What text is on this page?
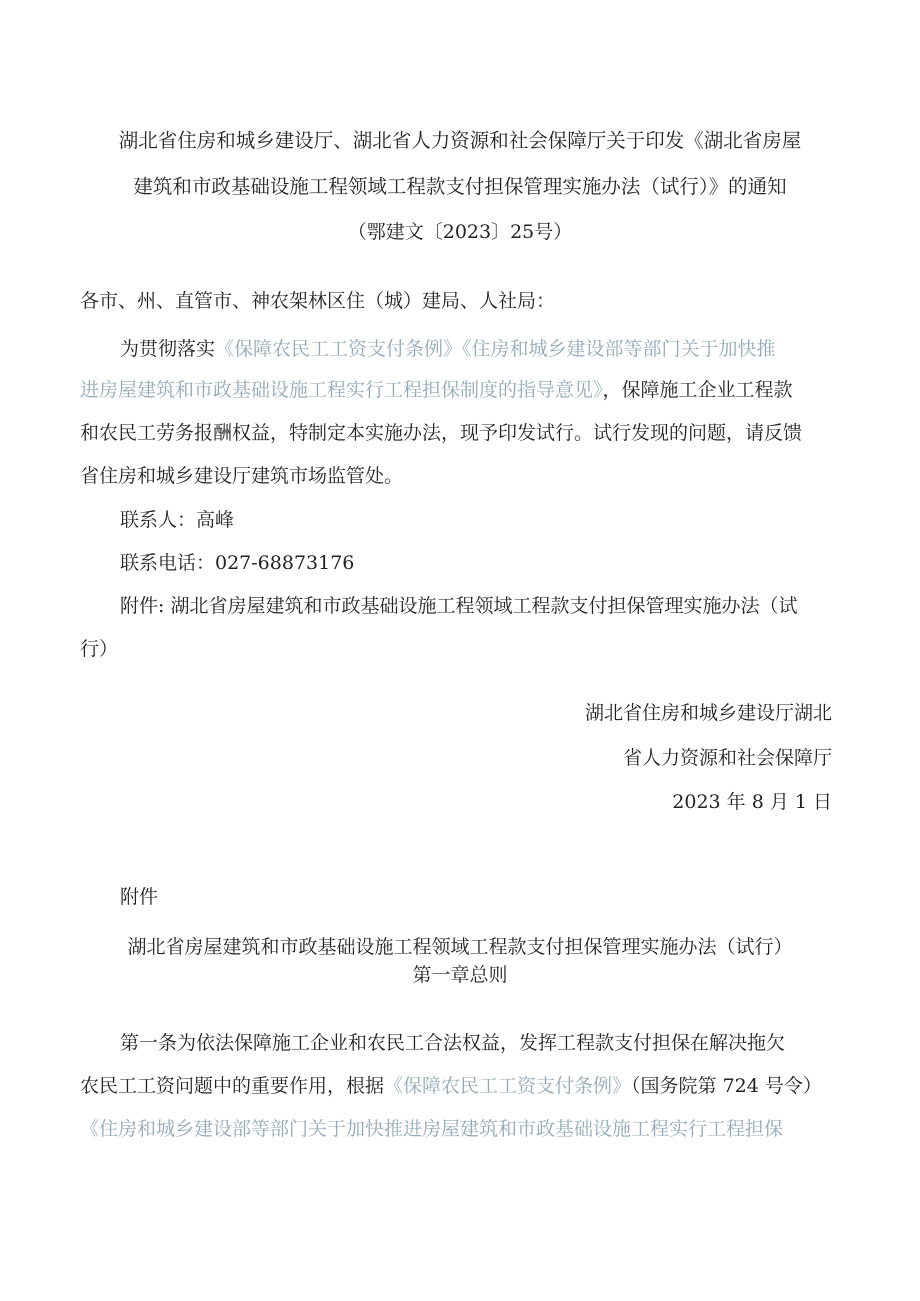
湖北省住房和城乡建设厅、湖北省人力资源和社会保障厅关于印发《湖北省房屋
建筑和市政基础设施工程领域工程款支付担保管理实施办法（试行）》的通知
（鄂建文〔2023〕25号）
各市、州、直管市、神农架林区住（城）建局、人社局：
为贯彻落实《保障农民工工资支付条例》《住房和城乡建设部等部门关于加快推
进房屋建筑和市政基础设施工程实行工程担保制度的指导意见》，保障施工企业工程款
和农民工劳务报酬权益，特制定本实施办法，现予印发试行。试行发现的问题，请反馈
省住房和城乡建设厅建筑市场监管处。
联系人：高峰
联系电话：027-68873176
附件: 湖北省房屋建筑和市政基础设施工程领域工程款支付担保管理实施办法（试
行）
湖北省住房和城乡建设厅湖北
省人力资源和社会保障厅
2023 年 8 月 1 日
附件
湖北省房屋建筑和市政基础设施工程领域工程款支付担保管理实施办法（试行）
第一章总则
第一条为依法保障施工企业和农民工合法权益，发挥工程款支付担保在解决拖欠
农民工工资问题中的重要作用，根据《保障农民工工资支付条例》（国务院第 724 号令）
《住房和城乡建设部等部门关于加快推进房屋建筑和市政基础设施工程实行工程担保
